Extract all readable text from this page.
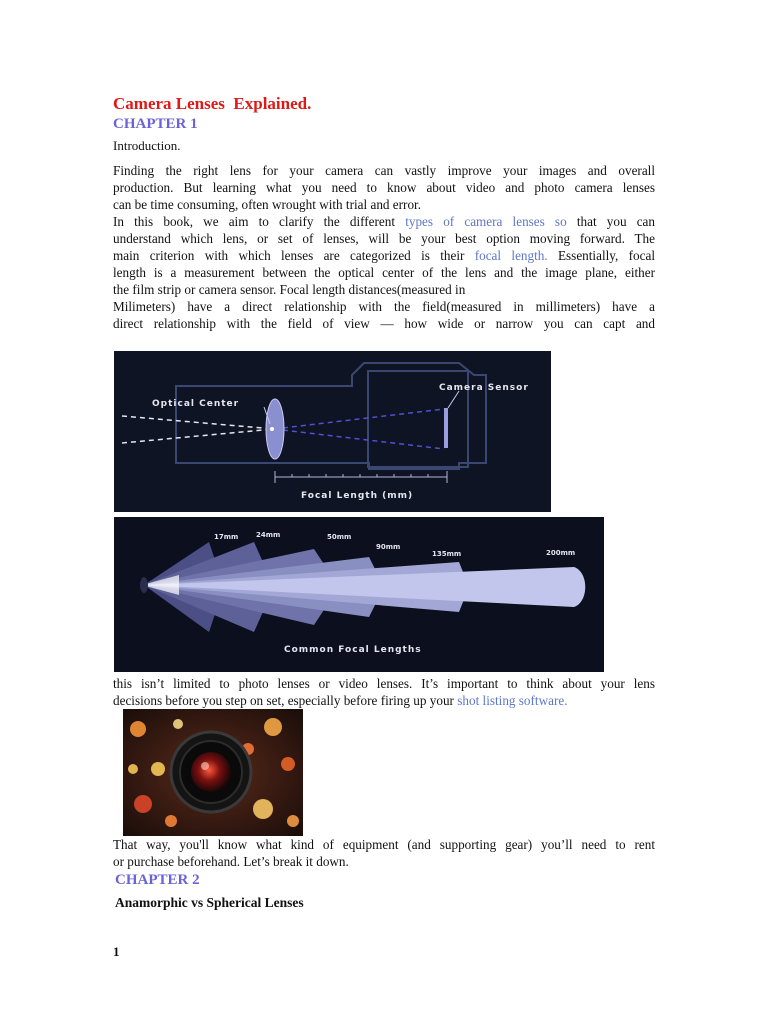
Camera Lenses  Explained.
CHAPTER 1
Introduction.
Finding the right lens for your camera can vastly improve your images and overall
production. But learning what you need to know about video and photo camera lenses
can be time consuming, often wrought with trial and error.
In this book, we aim to clarify the different types of camera lenses so that you can
understand which lens, or set of lenses, will be your best option moving forward. The
main criterion with which lenses are categorized is their focal length. Essentially, focal
length is a measurement between the optical center of the lens and the image plane, either
the film strip or camera sensor. Focal length distances(measured in
Milimeters) have a direct relationship with the field(measured in millimeters) have a
direct relationship with the field of view — how wide or narrow you can capt and
Optical Center
Camera Sensor
Focal Length (mm)
17mm	24mm	50mm
90mm
135mm	200mm
Common Focal Lengths
this isn’t limited to photo lenses or video lenses. It’s important to think about your lens
decisions before you step on set, especially before firing up your shot listing software.
That way, you'll know what kind of equipment (and supporting gear) you’ll need to rent
or purchase beforehand. Let’s break it down.
CHAPTER 2
Anamorphic vs Spherical Lenses
1
